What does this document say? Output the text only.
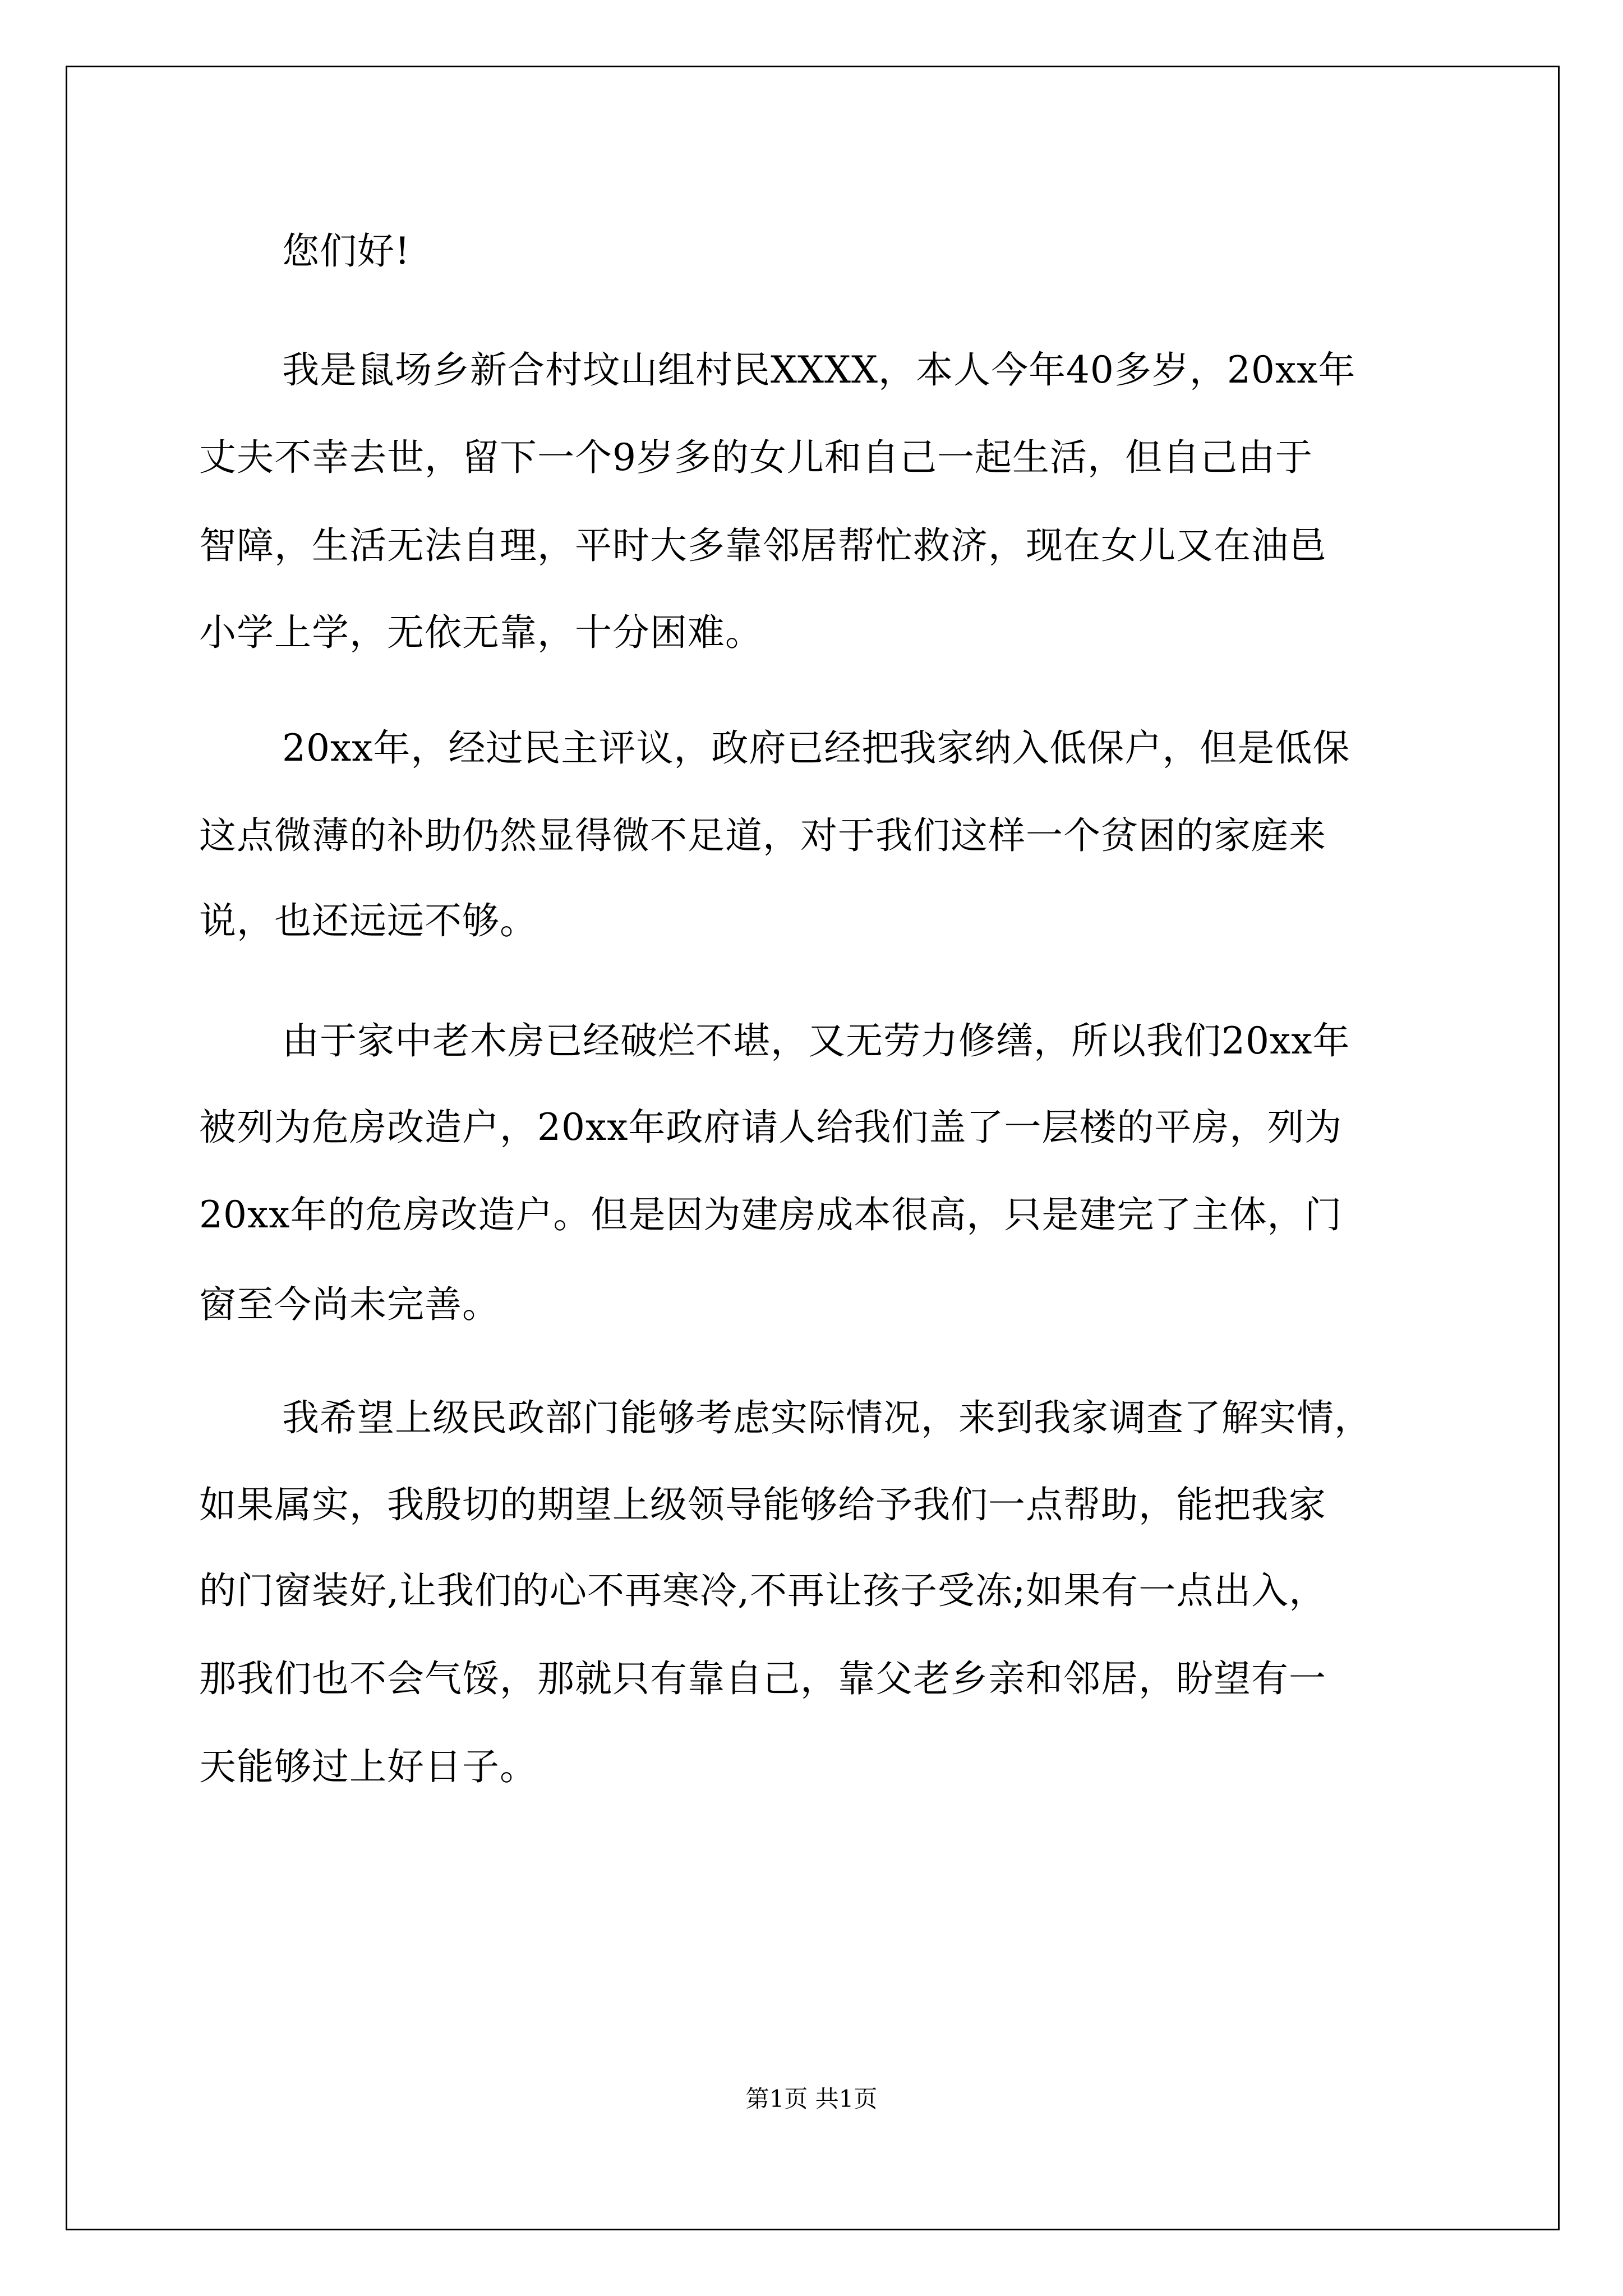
您们好!
我是鼠场乡新合村坟山组村民XXXX，本人今年40多岁，20xx年
丈夫不幸去世，留下一个9岁多的女儿和自己一起生活，但自己由于
智障，生活无法自理，平时大多靠邻居帮忙救济，现在女儿又在油邑
小学上学，无依无靠，十分困难。
20xx年，经过民主评议，政府已经把我家纳入低保户，但是低保
这点微薄的补助仍然显得微不足道，对于我们这样一个贫困的家庭来
说，也还远远不够。
由于家中老木房已经破烂不堪，又无劳力修缮，所以我们20xx年
被列为危房改造户，20xx年政府请人给我们盖了一层楼的平房，列为
20xx年的危房改造户。但是因为建房成本很高，只是建完了主体，门
窗至今尚未完善。
我希望上级民政部门能够考虑实际情况，来到我家调查了解实情，
如果属实，我殷切的期望上级领导能够给予我们一点帮助，能把我家
的门窗装好,让我们的心不再寒冷,不再让孩子受冻;如果有一点出入，
那我们也不会气馁，那就只有靠自己，靠父老乡亲和邻居，盼望有一
天能够过上好日子。
第1页 共1页
